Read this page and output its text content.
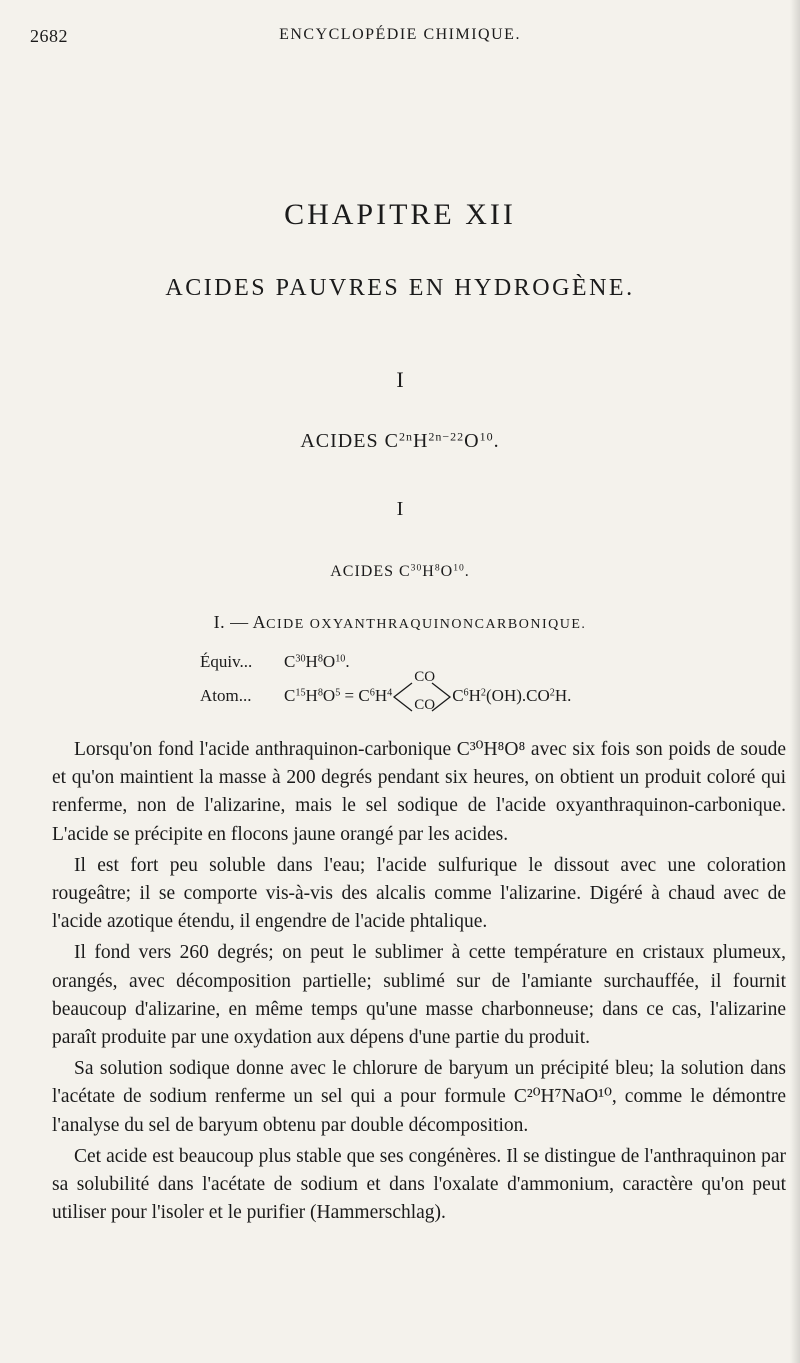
2682	ENCYCLOPÉDIE CHIMIQUE.
CHAPITRE XII
ACIDES PAUVRES EN HYDROGÈNE.
I
ACIDES $C^{2n}H^{2n-22}O^{10}$.
I
ACIDES $C^{30}H^8O^{10}$.
I. — ACIDE OXYANTHRAQUINONCARBONIQUE.
Équiv... $C^{30}H^8O^{10}$.
Atom... $C^{15}H^8O^5 = C^6H^4$
CO
CO
$C^6H^2(OH).CO^2H$.

Lorsqu'on fond l'acide anthraquinon-carbonique C³⁰H⁸O⁸ avec six fois son poids de soude et qu'on maintient la masse à 200 degrés pendant six heures, on obtient un produit coloré qui renferme, non de l'alizarine, mais le sel sodique de l'acide oxyanthraquinon-carbonique. L'acide se précipite en flocons jaune orangé par les acides.

Il est fort peu soluble dans l'eau; l'acide sulfurique le dissout avec une coloration rougeâtre; il se comporte vis-à-vis des alcalis comme l'alizarine. Digéré à chaud avec de l'acide azotique étendu, il engendre de l'acide phtalique.

Il fond vers 260 degrés; on peut le sublimer à cette température en cristaux plumeux, orangés, avec décomposition partielle; sublimé sur de l'amiante surchauffée, il fournit beaucoup d'alizarine, en même temps qu'une masse charbonneuse; dans ce cas, l'alizarine paraît produite par une oxydation aux dépens d'une partie du produit.

Sa solution sodique donne avec le chlorure de baryum un précipité bleu; la solution dans l'acétate de sodium renferme un sel qui a pour formule C²⁰H⁷NaO¹⁰, comme le démontre l'analyse du sel de baryum obtenu par double décomposition.

Cet acide est beaucoup plus stable que ses congénères. Il se distingue de l'anthraquinon par sa solubilité dans l'acétate de sodium et dans l'oxalate d'ammonium, caractère qu'on peut utiliser pour l'isoler et le purifier (Hammerschlag).
